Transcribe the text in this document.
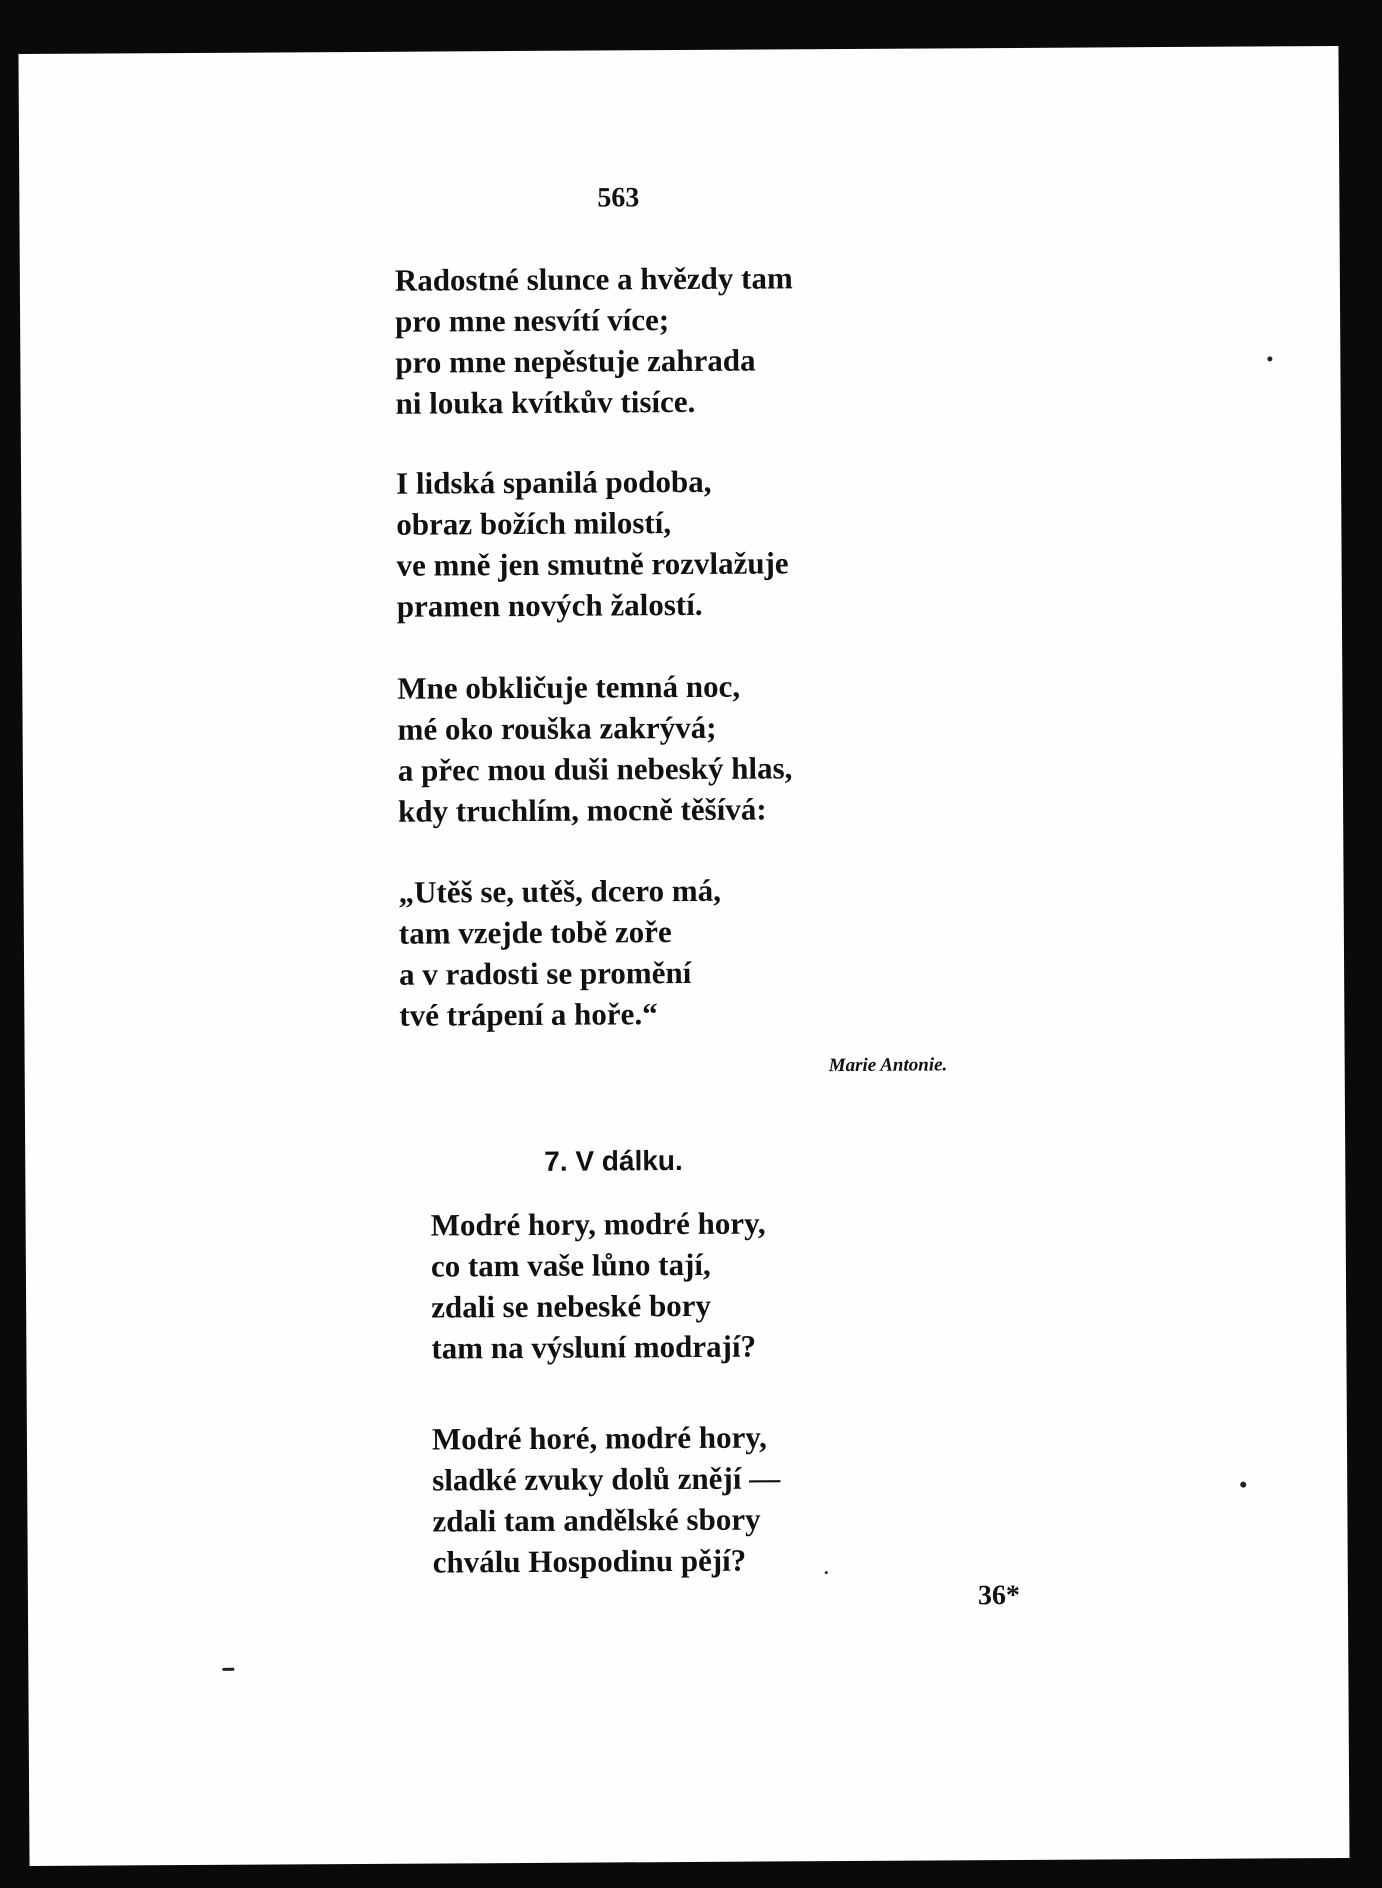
563
Radostné slunce a hvězdy tam
pro mne nesvítí více;
pro mne nepěstuje zahrada
ni louka kvítkův tisíce.
I lidská spanilá podoba,
obraz božích milostí,
ve mně jen smutně rozvlažuje
pramen nových žalostí.
Mne obkličuje temná noc,
mé oko rouška zakrývá;
a přec mou duši nebeský hlas,
kdy truchlím, mocně těšívá:
„Utěš se, utěš, dcero má,
tam vzejde tobě zoře
a v radosti se promění
tvé trápení a hoře.“
Marie Antonie.
7. V dálku.
Modré hory, modré hory,
co tam vaše lůno tají,
zdali se nebeské bory
tam na výsluní modrají?
Modré horé, modré hory,
sladké zvuky dolů znějí —
zdali tam andělské sbory
chválu Hospodinu pějí?
36*
